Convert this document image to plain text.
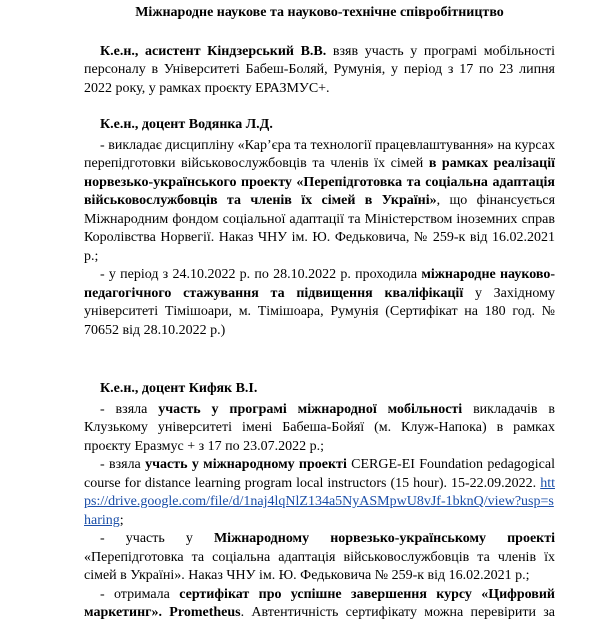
Міжнародне наукове та науково-технічне співробітництво

К.е.н., асистент Кіндзерський В.В. взяв участь у програмі мобільності персоналу в Університеті Бабеш-Боляй, Румунія, у період з 17 по 23 липня 2022 року, у рамках проєкту ЕРАЗМУС+.

К.е.н., доцент Водянка Л.Д.

- викладає дисципліну «Кар’єра та технології працевлаштування» на курсах перепідготовки військовослужбовців та членів їх сімей в рамках реалізації норвезько-українського проекту «Перепідготовка та соціальна адаптація військовослужбовців та членів їх сімей в Україні», що фінансується Міжнародним фондом соціальної адаптації та Міністерством іноземних справ Королівства Норвегії. Наказ ЧНУ ім. Ю. Федьковича, № 259-к від 16.02.2021 р.;

- у період з 24.10.2022 р. по 28.10.2022 р. проходила міжнародне науково-педагогічного стажування та підвищення кваліфікації у Західному університеті Тімішоари, м. Тімішоара, Румунія (Сертифікат на 180 год. № 70652 від 28.10.2022 р.)

К.е.н., доцент Кифяк В.І.

- взяла участь у програмі міжнародної мобільності викладачів в Клузькому університеті імені Бабеша-Бойяї (м. Клуж-Напока) в рамках проєкту Еразмус + з 17 по 23.07.2022 р.;

- взяла участь у міжнародному проекті CERGE-EI Foundation pedagogical course for distance learning program local instructors (15 hour). 15-22.09.2022. https://drive.google.com/file/d/1naj4lqNlZ134a5NyASMpwU8vJf-1bknQ/view?usp=sharing;

- участь у Міжнародному норвезько-українському проекті «Перепідготовка та соціальна адаптація військовослужбовців та членів їх сімей в Україні». Наказ ЧНУ ім. Ю. Федьковича № 259-к від 16.02.2021 р.;

- отримала сертифікат про успішне завершення курсу «Цифровий маркетинг». Prometheus. Автентичність сертифікату можна перевірити за
